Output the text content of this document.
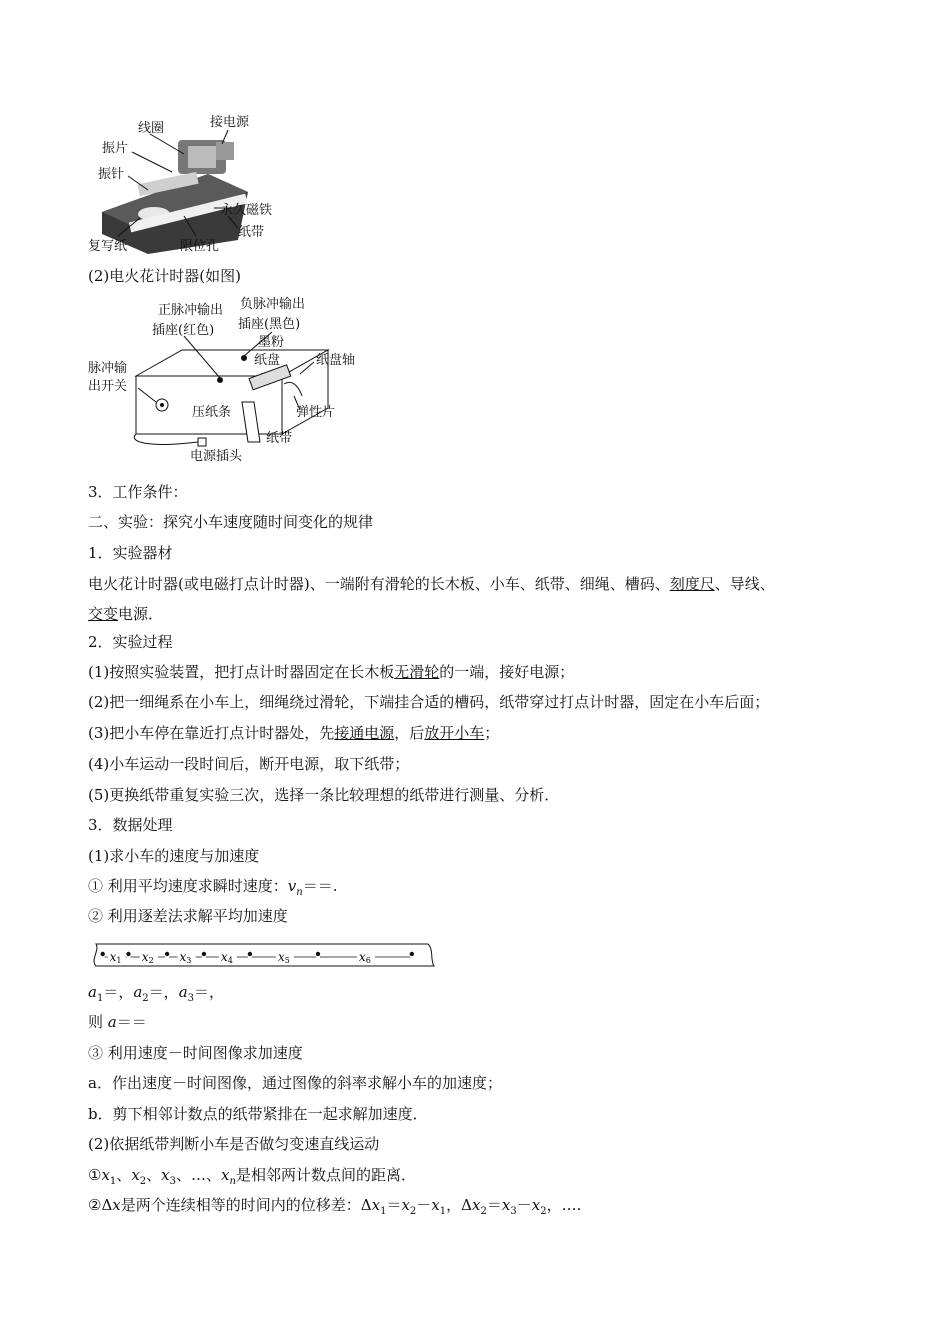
线圈	接电源
振片
振针
永久磁铁
复写纸	限位孔
纸带
(2)电火花计时器(如图)
正脉冲输出
插座(红色)
负脉冲输出
插座(黑色)
墨粉
纸盘	纸盘轴
脉冲输
出开关
压纸条	弹性片
纸带
电源插头
3．工作条件：
二、实验：探究小车速度随时间变化的规律
1．实验器材
电火花计时器(或电磁打点计时器)、一端附有滑轮的长木板、小车、纸带、细绳、槽码、刻度尺、导线、
交变电源．
2．实验过程
(1)按照实验装置，把打点计时器固定在长木板无滑轮的一端，接好电源；
(2)把一细绳系在小车上，细绳绕过滑轮，下端挂合适的槽码，纸带穿过打点计时器，固定在小车后面；
(3)把小车停在靠近打点计时器处，先接通电源，后放开小车；
(4)小车运动一段时间后，断开电源，取下纸带；
(5)更换纸带重复实验三次，选择一条比较理想的纸带进行测量、分析．
3．数据处理
(1)求小车的速度与加速度
① 利用平均速度求瞬时速度：$v_n==$.
② 利用逐差法求解平均加速度
x1 x2 x3 x4	x5	x6
$a_1=$，$a_2=$，$a_3=$，
则 a＝＝
③ 利用速度－时间图像求加速度
a．作出速度－时间图像，通过图像的斜率求解小车的加速度；
b．剪下相邻计数点的纸带紧排在一起求解加速度．
(2)依据纸带判断小车是否做匀变速直线运动
$①x_1$、$x_2$、$x_3$、…、$x_n$是相邻两计数点间的距离．
②Δx是两个连续相等的时间内的位移差：$\Delta x_1=x_2-x_1$，$\Delta x_2=x_3-x_2$，….
